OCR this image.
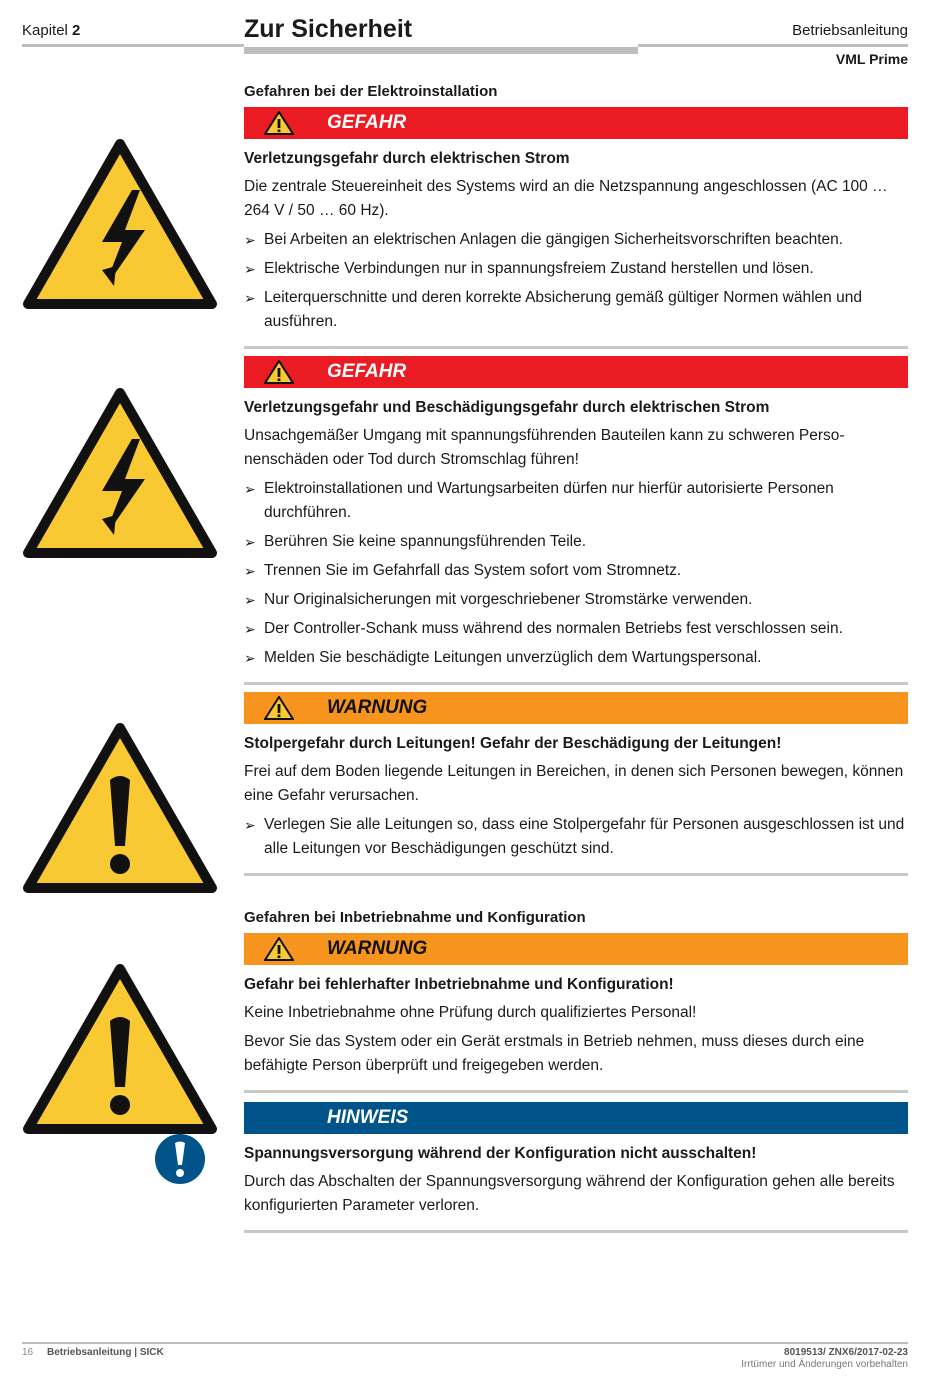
Kapitel 2	Zur Sicherheit	Betriebsanleitung
VML Prime
Gefahren bei der Elektroinstallation
GEFAHR
Verletzungsgefahr durch elektrischen Strom

Die zentrale Steuereinheit des Systems wird an die Netzspannung angeschlossen (AC 100 …264 V / 50 … 60 Hz).

➢ Bei Arbeiten an elektrischen Anlagen die gängigen Sicherheitsvorschriften beachten.
➢ Elektrische Verbindungen nur in spannungsfreiem Zustand herstellen und lösen.
➢ Leiterquerschnitte und deren korrekte Absicherung gemäß gültiger Normen wählen und ausführen.
GEFAHR
Verletzungsgefahr und Beschädigungsgefahr durch elektrischen Strom

Unsachgemäßer Umgang mit spannungsführenden Bauteilen kann zu schweren Perso-nenschäden oder Tod durch Stromschlag führen!

➢ Elektroinstallationen und Wartungsarbeiten dürfen nur hierfür autorisierte Personen durchführen.
➢ Berühren Sie keine spannungsführenden Teile.
➢ Trennen Sie im Gefahrfall das System sofort vom Stromnetz.
➢ Nur Originalsicherungen mit vorgeschriebener Stromstärke verwenden.
➢ Der Controller-Schank muss während des normalen Betriebs fest verschlossen sein.
➢ Melden Sie beschädigte Leitungen unverzüglich dem Wartungspersonal.
WARNUNG
Stolpergefahr durch Leitungen! Gefahr der Beschädigung der Leitungen!

Frei auf dem Boden liegende Leitungen in Bereichen, in denen sich Personen bewegen, können eine Gefahr verursachen.

➢ Verlegen Sie alle Leitungen so, dass eine Stolpergefahr für Personen ausgeschlossen ist und alle Leitungen vor Beschädigungen geschützt sind.
Gefahren bei Inbetriebnahme und Konfiguration
WARNUNG
Gefahr bei fehlerhafter Inbetriebnahme und Konfiguration!

Keine Inbetriebnahme ohne Prüfung durch qualifiziertes Personal!

Bevor Sie das System oder ein Gerät erstmals in Betrieb nehmen, muss dieses durch eine befähigte Person überprüft und freigegeben werden.

HINWEIS
Spannungsversorgung während der Konfiguration nicht ausschalten!

Durch das Abschalten der Spannungsversorgung während der Konfiguration gehen alle bereits konfigurierten Parameter verloren.

16 Betriebsanleitung | SICK	8019513/ ZNX6/2017-02-23
Irrtümer und Änderungen vorbehalten
